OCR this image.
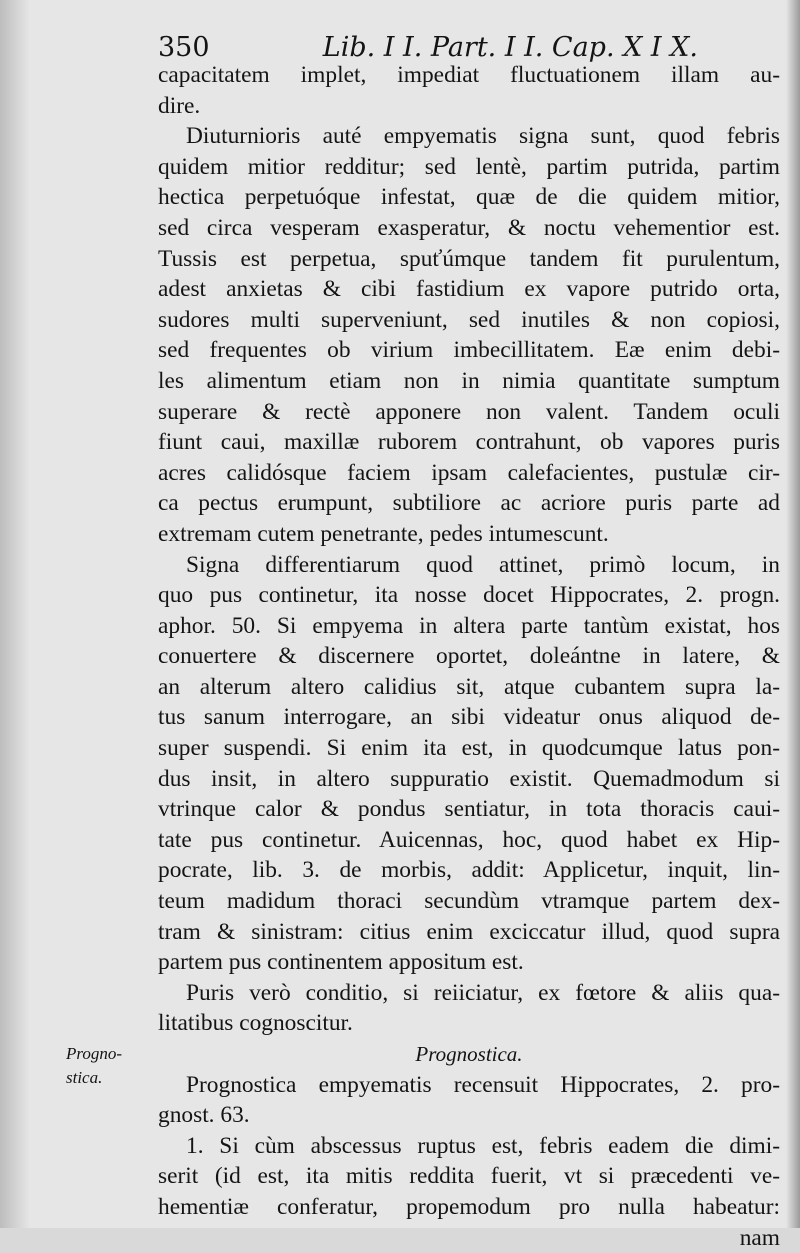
350	Lib. I I. Part. I I. Cap. X I X.
capacitatem implet, impediat fluctuationem illam au-
dire.
Diuturnioris auté empyematis signa sunt, quod febris
quidem mitior redditur; sed lentè, partim putrida, partim
hectica perpetuóque infestat, quæ de die quidem mitior,
sed circa vesperam exasperatur, & noctu vehementior est.
Tussis est perpetua, spuťúmque tandem fit purulentum,
adest anxietas & cibi fastidium ex vapore putrido orta,
sudores multi superveniunt, sed inutiles & non copiosi,
sed frequentes ob virium imbecillitatem. Eæ enim debi-
les alimentum etiam non in nimia quantitate sumptum
superare & rectè apponere non valent. Tandem oculi
fiunt caui, maxillæ ruborem contrahunt, ob vapores puris
acres calidósque faciem ipsam calefacientes, pustulæ cir-
ca pectus erumpunt, subtiliore ac acriore puris parte ad
extremam cutem penetrante, pedes intumescunt.
Signa differentiarum quod attinet, primò locum, in
quo pus continetur, ita nosse docet Hippocrates, 2. progn.
aphor. 50. Si empyema in altera parte tantùm existat, hos
conuertere & discernere oportet, doleántne in latere, &
an alterum altero calidius sit, atque cubantem supra la-
tus sanum interrogare, an sibi videatur onus aliquod de-
super suspendi. Si enim ita est, in quodcumque latus pon-
dus insit, in altero suppuratio existit. Quemadmodum si
vtrinque calor & pondus sentiatur, in tota thoracis caui-
tate pus continetur. Auicennas, hoc, quod habet ex Hip-
pocrate, lib. 3. de morbis, addit: Applicetur, inquit, lin-
teum madidum thoraci secundùm vtramque partem dex-
tram & sinistram: citius enim exciccatur illud, quod supra
partem pus continentem appositum est.
Puris verò conditio, si reiiciatur, ex fœtore & aliis qua-
litatibus cognoscitur.
Prognostica.
Prognostica empyematis recensuit Hippocrates, 2. pro-
gnost. 63.
1. Si cùm abscessus ruptus est, febris eadem die dimi-
serit (id est, ita mitis reddita fuerit, vt si præcedenti ve-
hementiæ conferatur, propemodum pro nulla habeatur:
nam
Progno-stica.
